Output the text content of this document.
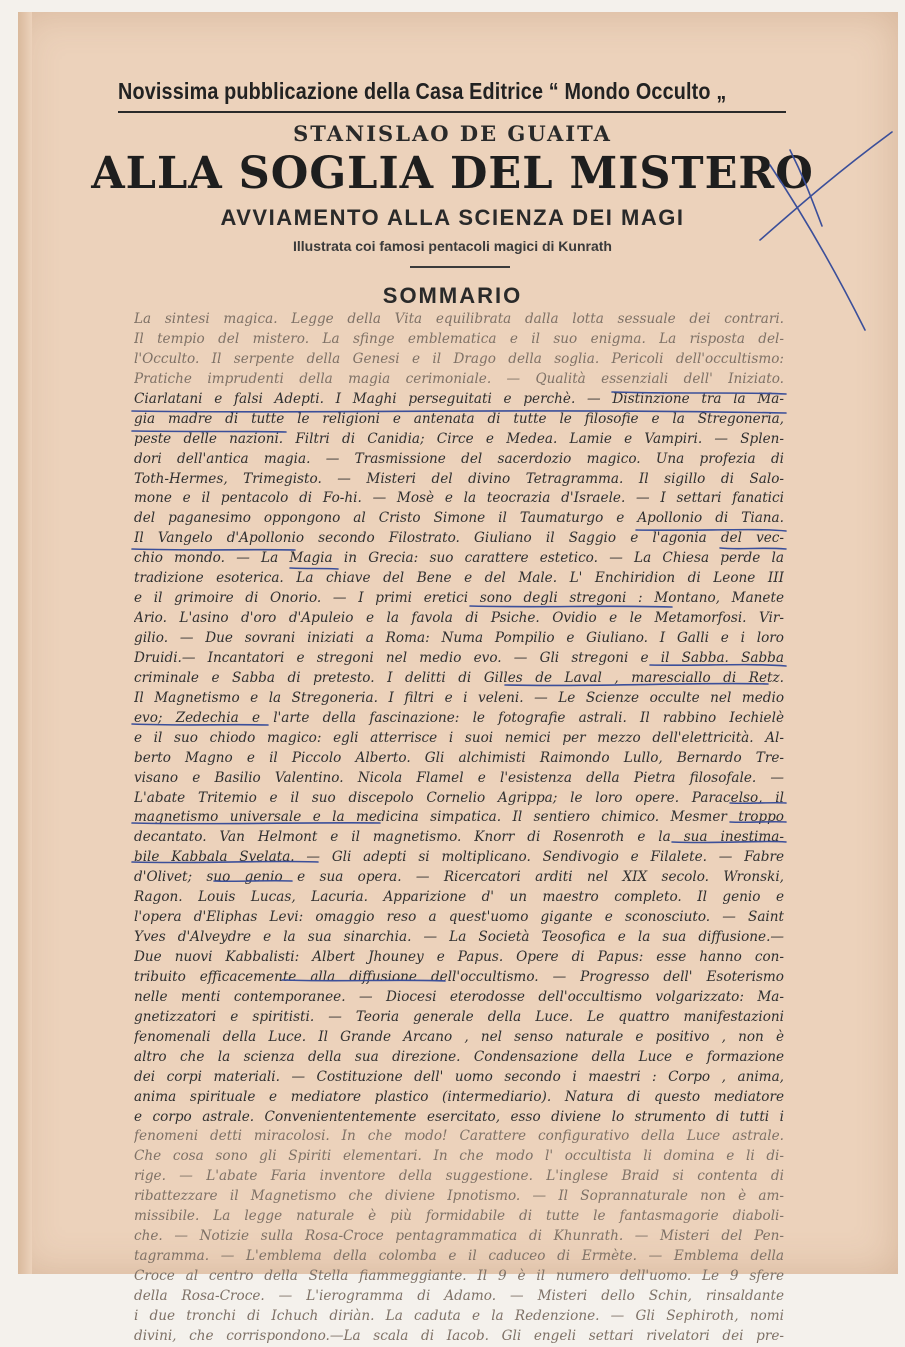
Novissima pubblicazione della Casa Editrice “ Mondo Occulto „
STANISLAO DE GUAITA
ALLA SOGLIA DEL MISTERO
AVVIAMENTO ALLA SCIENZA DEI MAGI
Illustrata coi famosi pentacoli magici di Kunrath
SOMMARIO
La sintesi magica. Legge della Vita equilibrata dalla lotta sessuale dei contrari.
Il tempio del mistero. La sfinge emblematica e il suo enigma. La risposta del-
l'Occulto. Il serpente della Genesi e il Drago della soglia. Pericoli dell'occultismo:
Pratiche imprudenti della magia cerimoniale. — Qualità essenziali dell' Iniziato.
Ciarlatani e falsi Adepti. I Maghi perseguitati e perchè. — Distinzione tra la Ma-
gia madre di tutte le religioni e antenata di tutte le filosofie e la Stregoneria,
peste delle nazioni. Filtri di Canidia; Circe e Medea. Lamie e Vampiri. — Splen-
dori dell'antica magia. — Trasmissione del sacerdozio magico. Una profezia di
Toth-Hermes, Trimegisto. — Misteri del divino Tetragramma. Il sigillo di Salo-
mone e il pentacolo di Fo-hi. — Mosè e la teocrazia d'Israele. — I settari fanatici
del paganesimo oppongono al Cristo Simone il Taumaturgo e Apollonio di Tiana.
Il Vangelo d'Apollonio secondo Filostrato. Giuliano il Saggio e l'agonia del vec-
chio mondo. — La Magia in Grecia: suo carattere estetico. — La Chiesa perde la
tradizione esoterica. La chiave del Bene e del Male. L' Enchiridion di Leone III
e il grimoire di Onorio. — I primi eretici sono degli stregoni : Montano, Manete
Ario. L'asino d'oro d'Apuleio e la favola di Psiche. Ovidio e le Metamorfosi. Vir-
gilio. — Due sovrani iniziati a Roma: Numa Pompilio e Giuliano. I Galli e i loro
Druidi.— Incantatori e stregoni nel medio evo. — Gli stregoni e il Sabba. Sabba
criminale e Sabba di pretesto. I delitti di Gilles de Laval , maresciallo di Retz.
Il Magnetismo e la Stregoneria. I filtri e i veleni. — Le Scienze occulte nel medio
evo; Zedechia e l'arte della fascinazione: le fotografie astrali. Il rabbino Iechielè
e il suo chiodo magico: egli atterrisce i suoi nemici per mezzo dell'elettricità. Al-
berto Magno e il Piccolo Alberto. Gli alchimisti Raimondo Lullo, Bernardo Tre-
visano e Basilio Valentino. Nicola Flamel e l'esistenza della Pietra filosofale. —
L'abate Tritemio e il suo discepolo Cornelio Agrippa; le loro opere. Paracelso, il
magnetismo universale e la medicina simpatica. Il sentiero chimico. Mesmer troppo
decantato. Van Helmont e il magnetismo. Knorr di Rosenroth e la sua inestima-
bile Kabbala Svelata. — Gli adepti si moltiplicano. Sendivogio e Filalete. — Fabre
d'Olivet; suo genio e sua opera. — Ricercatori arditi nel XIX secolo. Wronski,
Ragon. Louis Lucas, Lacuria. Apparizione d' un maestro completo. Il genio e
l'opera d'Eliphas Levi: omaggio reso a quest'uomo gigante e sconosciuto. — Saint
Yves d'Alveydre e la sua sinarchia. — La Società Teosofica e la sua diffusione.—
Due nuovi Kabbalisti: Albert Jhouney e Papus. Opere di Papus: esse hanno con-
tribuito efficacemente alla diffusione dell'occultismo. — Progresso dell' Esoterismo
nelle menti contemporanee. — Diocesi eterodosse dell'occultismo volgarizzato: Ma-
gnetizzatori e spiritisti. — Teoria generale della Luce. Le quattro manifestazioni
fenomenali della Luce. Il Grande Arcano , nel senso naturale e positivo , non è
altro che la scienza della sua direzione. Condensazione della Luce e formazione
dei corpi materiali. — Costituzione dell' uomo secondo i maestri : Corpo , anima,
anima spirituale e mediatore plastico (intermediario). Natura di questo mediatore
e corpo astrale. Conveniententemente esercitato, esso diviene lo strumento di tutti i
fenomeni detti miracolosi. In che modo! Carattere configurativo della Luce astrale.
Che cosa sono gli Spiriti elementari. In che modo l' occultista li domina e li di-
rige. — L'abate Faria inventore della suggestione. L'inglese Braid si contenta di
ribattezzare il Magnetismo che diviene Ipnotismo. — Il Soprannaturale non è am-
missibile. La legge naturale è più formidabile di tutte le fantasmagorie diaboli-
che. — Notizie sulla Rosa-Croce pentagrammatica di Khunrath. — Misteri del Pen-
tagramma. — L'emblema della colomba e il caduceo di Ermète. — Emblema della
Croce al centro della Stella fiammeggiante. Il 9 è il numero dell'uomo. Le 9 sfere
della Rosa-Croce. — L'ierogramma di Adamo. — Misteri dello Schin, rinsaldante
i due tronchi di Ichuch diriàn. La caduta e la Redenzione. — Gli Sephiroth, nomi
divini, che corrispondono.—La scala di Iacob. Gli engeli settari rivelatori dei pre-
